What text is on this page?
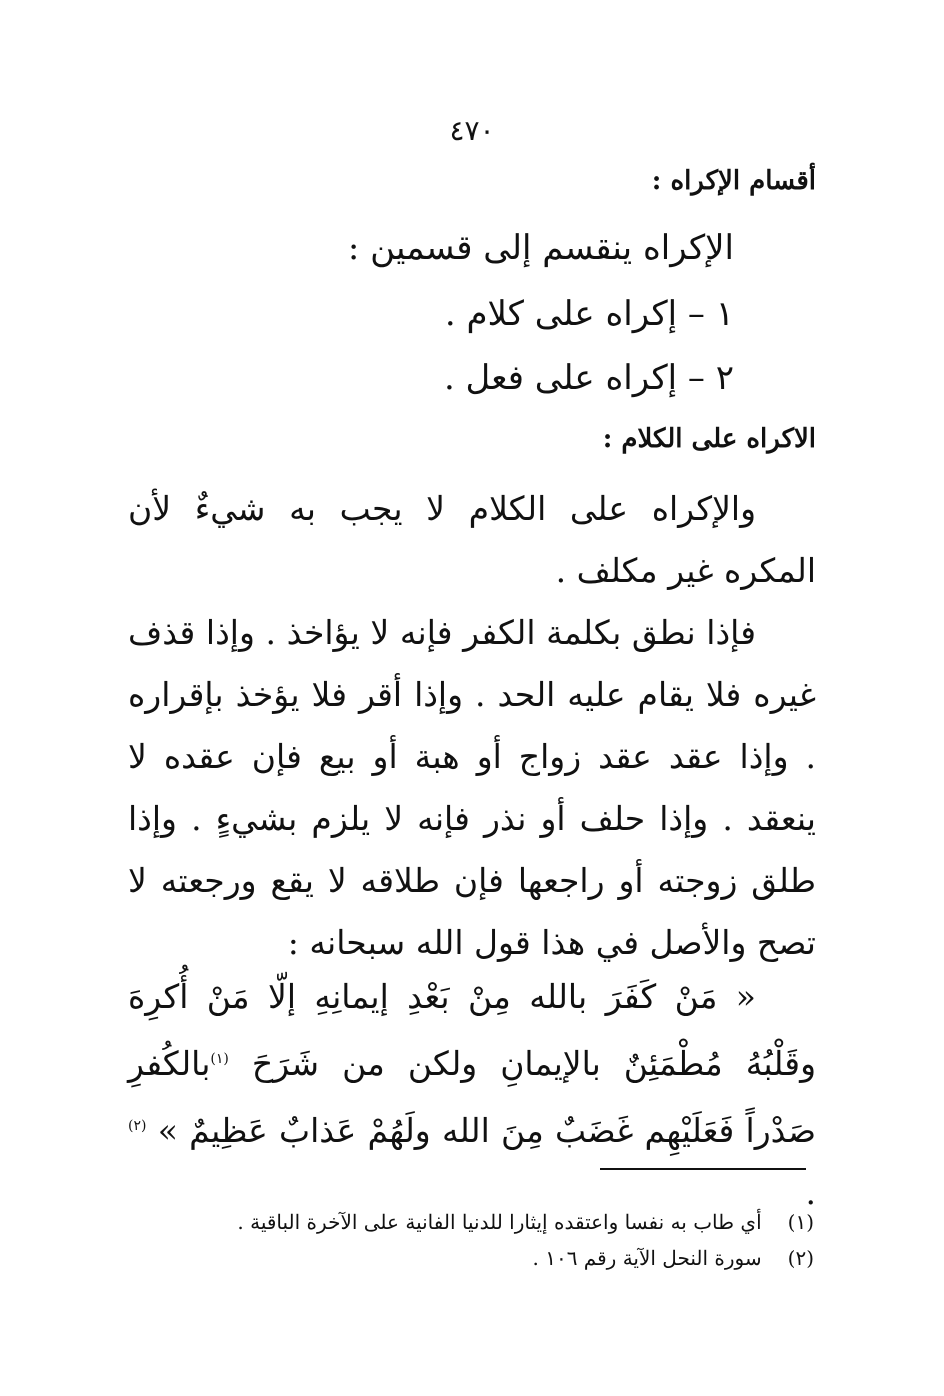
٤٧٠
أقسام الإكراه :
الإكراه ينقسم إلى قسمين :
١ – إكراه على كلام .
٢ – إكراه على فعل .
الاكراه على الكلام :
والإكراه على الكلام لا يجب به شيءٌ لأن المكره غير مكلف .
فإذا نطق بكلمة الكفر فإنه لا يؤاخذ . وإذا قذف غيره فلا يقام عليه الحد . وإذا أقر فلا يؤخذ بإقراره . وإذا عقد عقد زواج أو هبة أو بيع فإن عقده لا ينعقد . وإذا حلف أو نذر فإنه لا يلزم بشيءٍ . وإذا طلق زوجته أو راجعها فإن طلاقه لا يقع ورجعته لا تصح والأصل في هذا قول الله سبحانه :
« مَنْ كَفَرَ بالله مِنْ بَعْدِ إيمانِهِ إلّا مَنْ أُكرِهَ وقَلْبُهُ مُطْمَئِنٌ بالإيمانِ ولكن من شَرَحَ $^{(١)}$بالكُفرِ صَدْراً فَعَلَيْهِم غَضَبٌ مِنَ الله ولَهُمْ عَذابٌ عَظِيمٌ » $^{(٢)}$ .
(١) أي طاب به نفسا واعتقده إيثارا للدنيا الفانية على الآخرة الباقية .
(٢) سورة النحل الآية رقم ١٠٦ .
